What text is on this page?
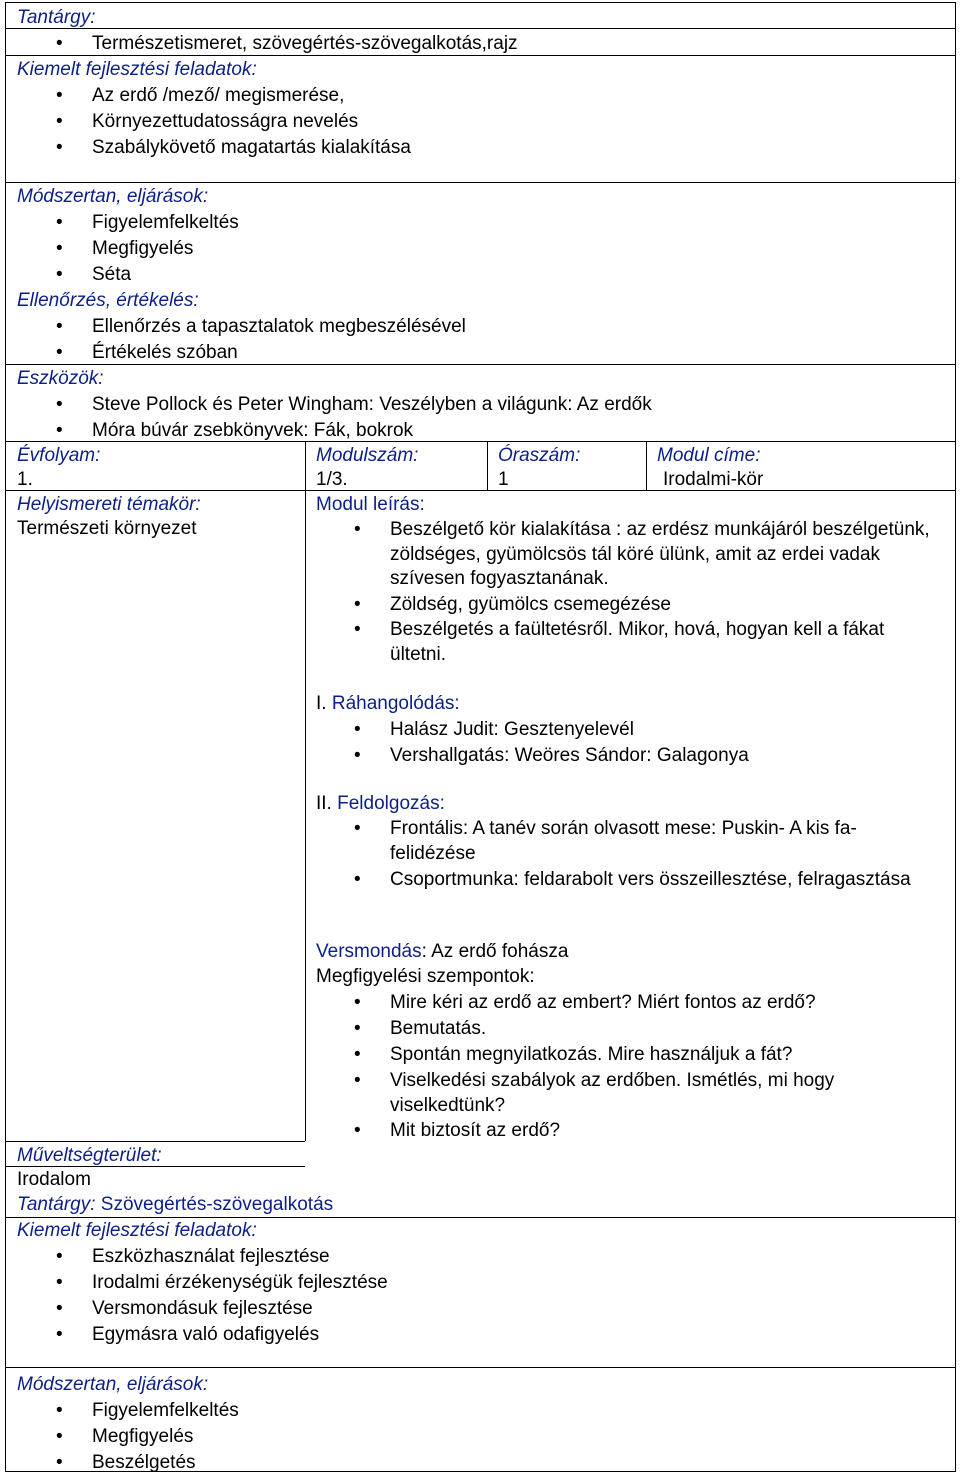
Tantárgy:
• Természetismeret, szövegértés-szövegalkotás,rajz
Kiemelt fejlesztési feladatok:
• Az erdő /mező/ megismerése,
• Környezettudatosságra nevelés
• Szabálykövető magatartás kialakítása
Módszertan, eljárások:
• Figyelemfelkeltés
• Megfigyelés
• Séta
Ellenőrzés, értékelés:
• Ellenőrzés a tapasztalatok megbeszélésével
• Értékelés szóban
Eszközök:
• Steve Pollock és Peter Wingham: Veszélyben a világunk: Az erdők
• Móra búvár zsebkönyvek: Fák, bokrok
Évfolyam:
1.
Modulszám:
1/3.
Óraszám:
1
Modul címe:
Irodalmi-kör
Helyismereti témakör:
Természeti környezet
Modul leírás:
• Beszélgető kör kialakítása : az erdész munkájáról beszélgetünk, zöldséges, gyümölcsös tál köré ülünk, amit az erdei vadak szívesen fogyasztanának.
• Zöldség, gyümölcs csemegézése
• Beszélgetés a faültetésről. Mikor, hová, hogyan kell a fákat ültetni.
I. Ráhangolódás:
• Halász Judit: Gesztenyelevél
• Vershallgatás: Weöres Sándor: Galagonya
II. Feldolgozás:
• Frontális: A tanév során olvasott mese: Puskin- A kis fa- felidézése
• Csoportmunka: feldarabolt vers összeillesztése, felragasztása
Versmondás: Az erdő fohásza
Megfigyelési szempontok:
• Mire kéri az erdő az embert? Miért fontos az erdő?
• Bemutatás.
• Spontán megnyilatkozás. Mire használjuk a fát?
• Viselkedési szabályok az erdőben. Ismétlés, mi hogy viselkedtünk?
• Mit biztosít az erdő?
Műveltségterület:
Irodalom
Tantárgy: Szövegértés-szövegalkotás
Kiemelt fejlesztési feladatok:
• Eszközhasználat fejlesztése
• Irodalmi érzékenységük fejlesztése
• Versmondásuk fejlesztése
• Egymásra való odafigyelés
Módszertan, eljárások:
• Figyelemfelkeltés
• Megfigyelés
• Beszélgetés
